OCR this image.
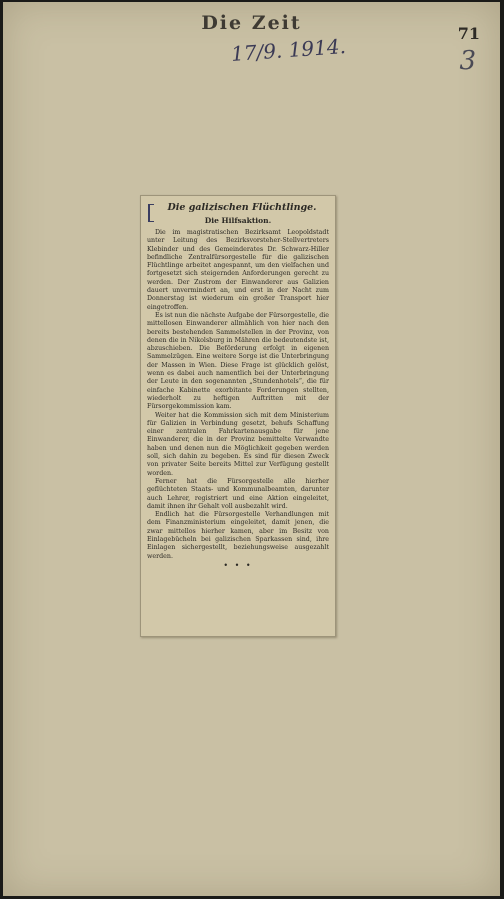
Die Zeit	71
17/9. 1914.	3
Die galizischen Flüchtlinge.
Die Hilfsaktion.

Die im magistratischen Bezirksamt Leopoldstadt unter Leitung des Bezirksvorsteher-Stellvertreters Klebinder und des Gemeinderates Dr. Schwarz-Hiller befindliche Zentralfürsorgestelle für die galizischen Flüchtlinge arbeitet angespannt, um den vielfachen und fortgesetzt sich steigernden Anforderungen gerecht zu werden. Der Zustrom der Einwanderer aus Galizien dauert unvermindert an, und erst in der Nacht zum Donnerstag ist wiederum ein großer Transport hier eingetroffen.

Es ist nun die nächste Aufgabe der Fürsorgestelle, die mittellosen Einwanderer allmählich von hier nach den bereits bestehenden Sammelstellen in der Provinz, von denen die in Nikolsburg in Mähren die bedeutendste ist, abzuschieben. Die Beförderung erfolgt in eigenen Sammelzügen. Eine weitere Sorge ist die Unterbringung der Massen in Wien. Diese Frage ist glücklich gelöst, wenn es dabei auch namentlich bei der Unterbringung der Leute in den sogenannten „Stundenhotels“, die für einfache Kabinette exorbitante Forderungen stellten, wiederholt zu heftigen Auftritten mit der Fürsorgekommission kam.

Weiter hat die Kommission sich mit dem Ministerium für Galizien in Verbindung gesetzt, behufs Schaffung einer zentralen Fahrkartenausgabe für jene Einwanderer, die in der Provinz bemittelte Verwandte haben und denen nun die Möglichkeit gegeben werden soll, sich dahin zu begeben. Es sind für diesen Zweck von privater Seite bereits Mittel zur Verfügung gestellt worden.

Ferner hat die Fürsorgestelle alle hierher geflüchteten Staats- und Kommunalbeamten, darunter auch Lehrer, registriert und eine Aktion eingeleitet, damit ihnen ihr Gehalt voll ausbezahlt wird.

Endlich hat die Fürsorgestelle Verhandlungen mit dem Finanzministerium eingeleitet, damit jenen, die zwar mittellos hierher kamen, aber im Besitz von Einlagebücheln bei galizischen Sparkassen sind, ihre Einlagen sichergestellt, beziehungsweise ausgezahlt werden.

• • •
